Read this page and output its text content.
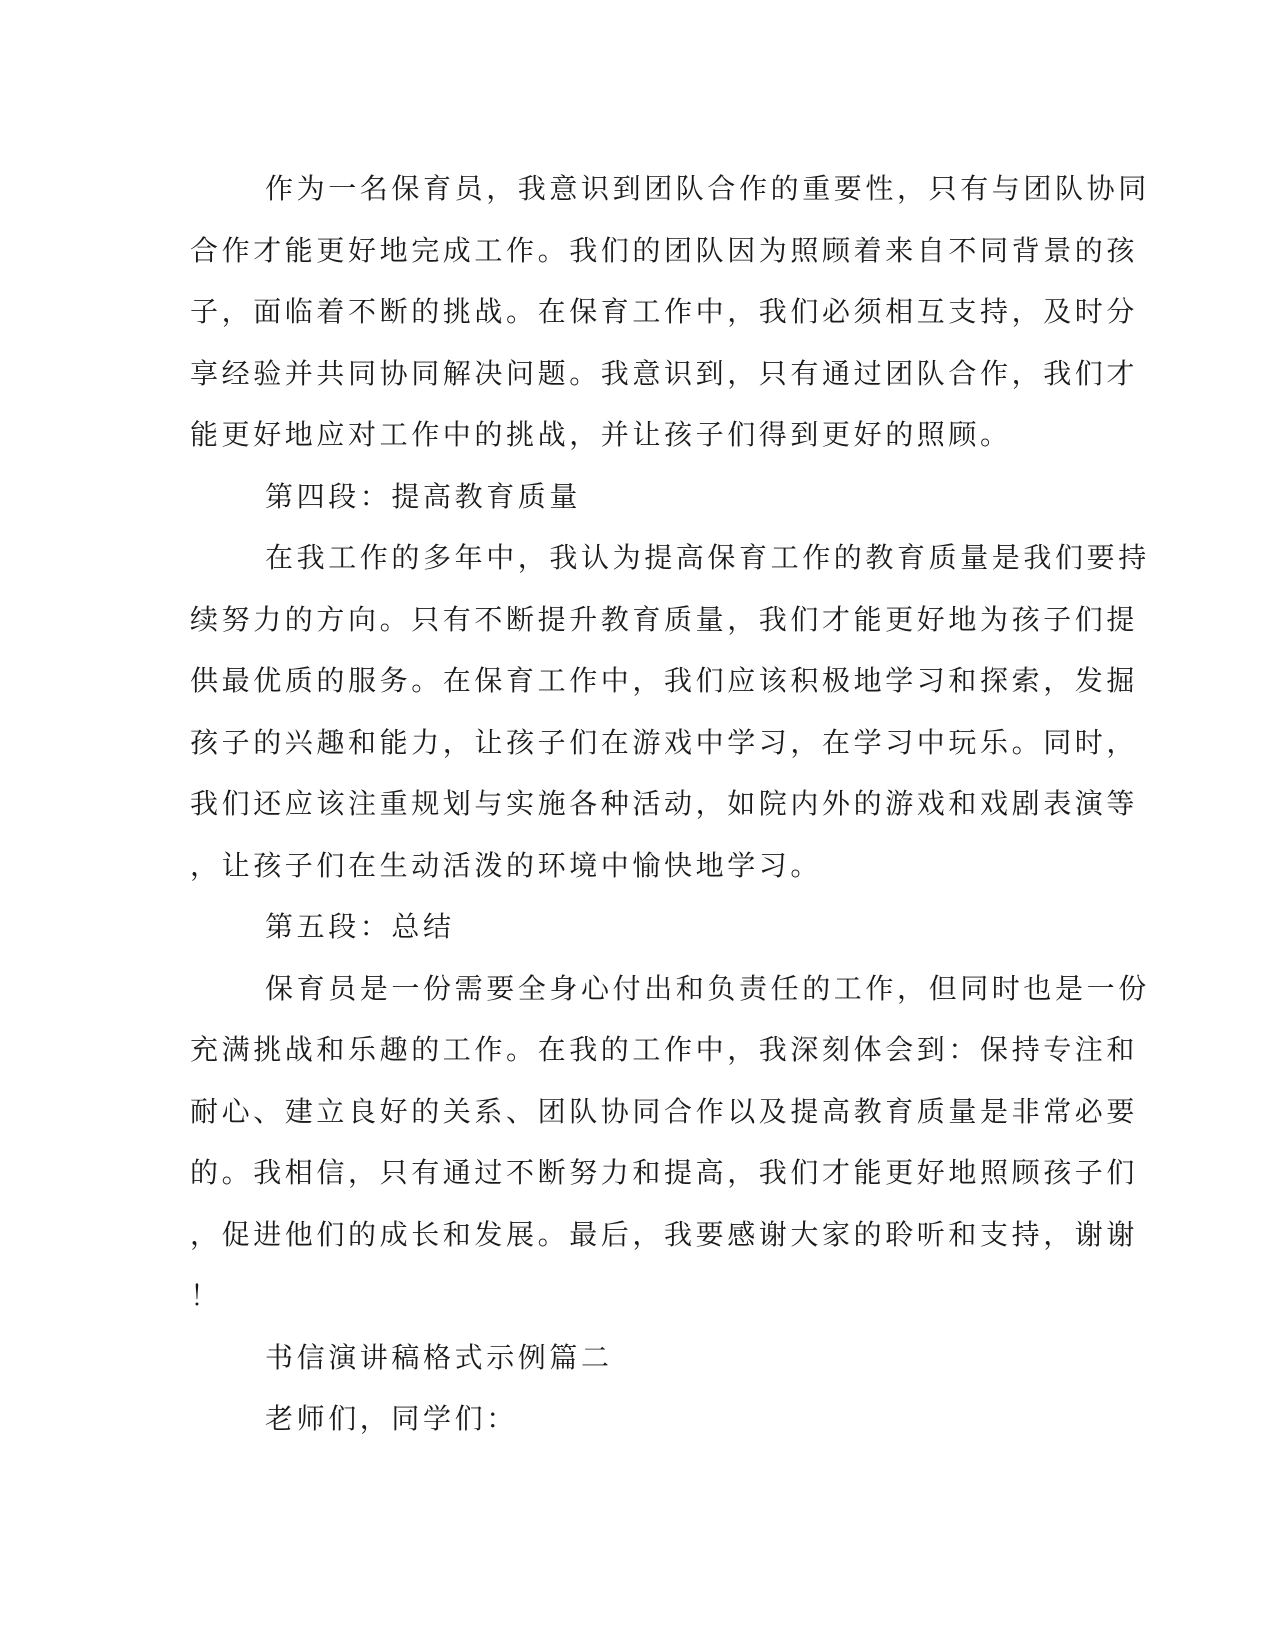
作为一名保育员，我意识到团队合作的重要性，只有与团队协同
合作才能更好地完成工作。我们的团队因为照顾着来自不同背景的孩
子，面临着不断的挑战。在保育工作中，我们必须相互支持，及时分
享经验并共同协同解决问题。我意识到，只有通过团队合作，我们才
能更好地应对工作中的挑战，并让孩子们得到更好的照顾。
第四段：提高教育质量
在我工作的多年中，我认为提高保育工作的教育质量是我们要持
续努力的方向。只有不断提升教育质量，我们才能更好地为孩子们提
供最优质的服务。在保育工作中，我们应该积极地学习和探索，发掘
孩子的兴趣和能力，让孩子们在游戏中学习，在学习中玩乐。同时，
我们还应该注重规划与实施各种活动，如院内外的游戏和戏剧表演等
，让孩子们在生动活泼的环境中愉快地学习。
第五段：总结
保育员是一份需要全身心付出和负责任的工作，但同时也是一份
充满挑战和乐趣的工作。在我的工作中，我深刻体会到：保持专注和
耐心、建立良好的关系、团队协同合作以及提高教育质量是非常必要
的。我相信，只有通过不断努力和提高，我们才能更好地照顾孩子们
，促进他们的成长和发展。最后，我要感谢大家的聆听和支持，谢谢
！
书信演讲稿格式示例篇二
老师们，同学们：
